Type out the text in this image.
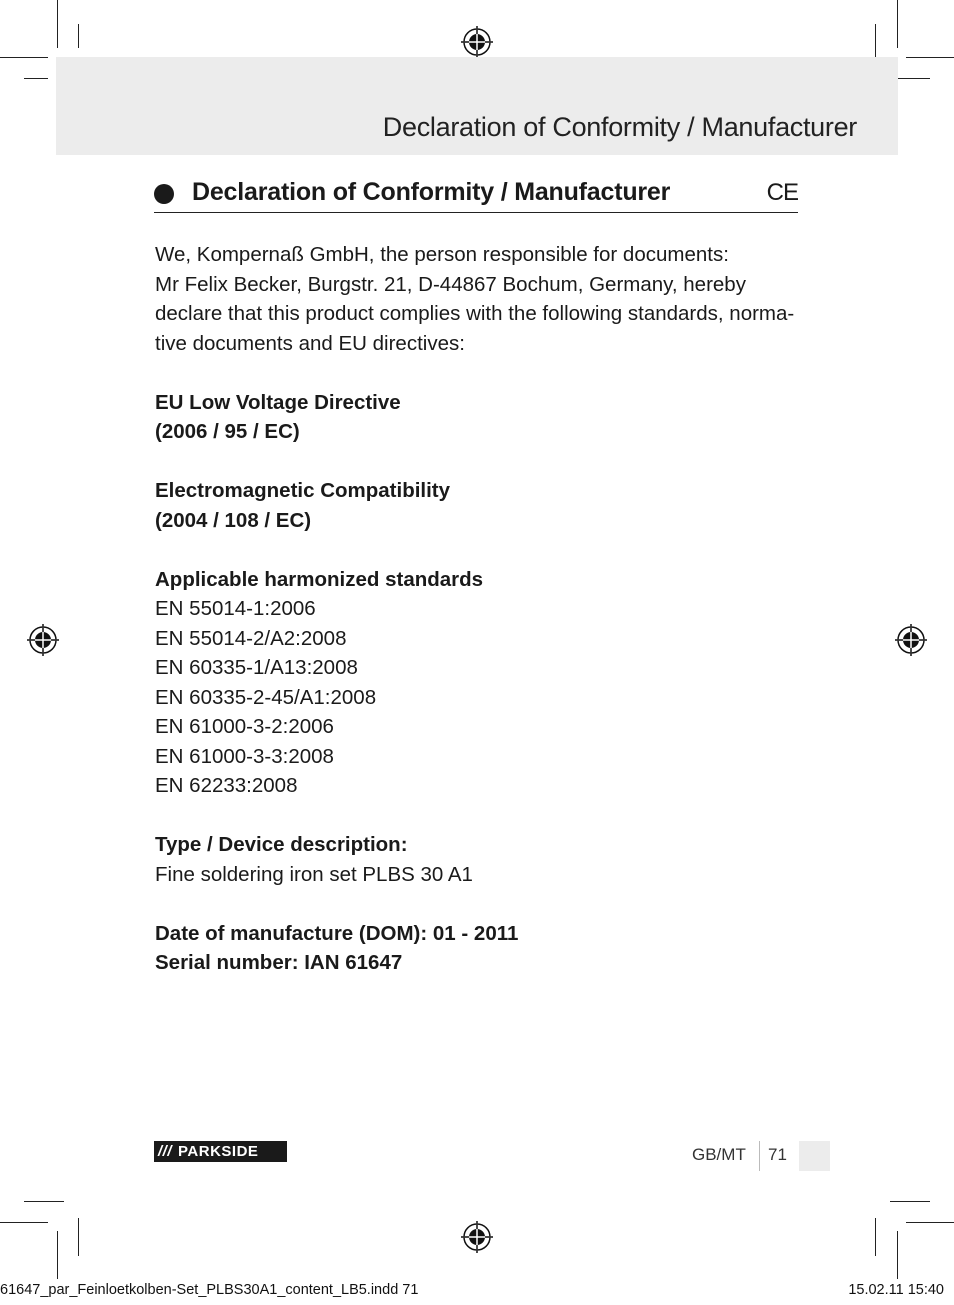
Declaration of Conformity / Manufacturer
Declaration of Conformity / Manufacturer	CE

We, Kompernaß GmbH, the person responsible for documents:

Mr Felix Becker, Burgstr. 21, D-44867 Bochum, Germany, hereby

declare that this product complies with the following standards, norma-

tive documents and EU directives:

EU Low Voltage Directive

(2006 / 95 / EC)

Electromagnetic Compatibility

(2004 / 108 / EC)

Applicable harmonized standards

EN 55014-1:2006

EN 55014-2/A2:2008

EN 60335-1/A13:2008

EN 60335-2-45/A1:2008

EN 61000-3-2:2006

EN 61000-3-3:2008

EN 62233:2008

Type / Device description:

Fine soldering iron set PLBS 30 A1

Date of manufacture (DOM): 01 - 2011

Serial number: IAN 61647

/// PARKSIDE	GB/MT 71
61647_par_Feinloetkolben-Set_PLBS30A1_content_LB5.indd 71	15.02.11 15:40
